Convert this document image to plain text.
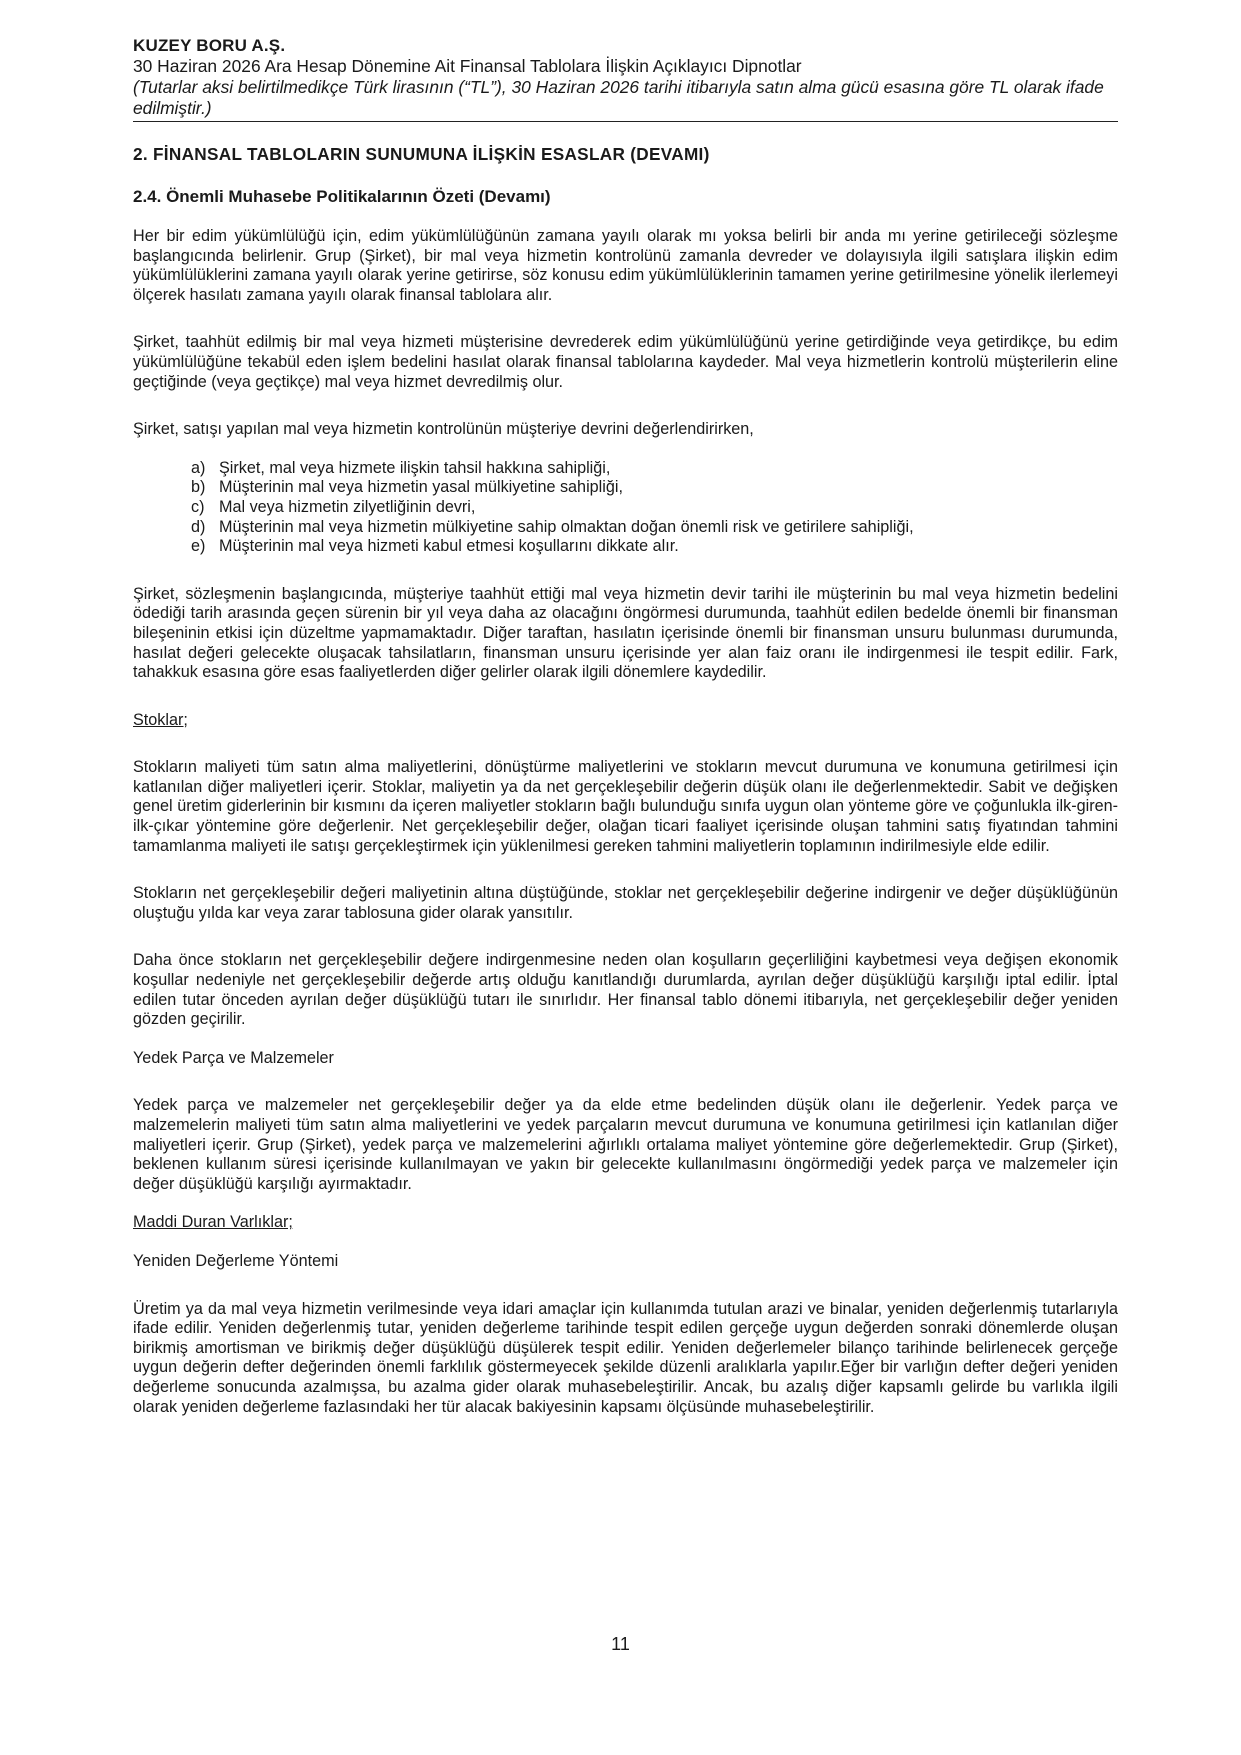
KUZEY BORU A.Ş.
30 Haziran 2026 Ara Hesap Dönemine Ait Finansal Tablolara İlişkin Açıklayıcı Dipnotlar
(Tutarlar aksi belirtilmedikçe Türk lirasının (“TL”), 30 Haziran 2026 tarihi itibarıyla satın alma gücü esasına göre TL olarak ifade edilmiştir.)
2. FİNANSAL TABLOLARIN SUNUMUNA İLİŞKİN ESASLAR (DEVAMI)
2.4. Önemli Muhasebe Politikalarının Özeti (Devamı)

Her bir edim yükümlülüğü için, edim yükümlülüğünün zamana yayılı olarak mı yoksa belirli bir anda mı yerine getirileceği sözleşme başlangıcında belirlenir. Grup (Şirket), bir mal veya hizmetin kontrolünü zamanla devreder ve dolayısıyla ilgili satışlara ilişkin edim yükümlülüklerini zamana yayılı olarak yerine getirirse, söz konusu edim yükümlülüklerinin tamamen yerine getirilmesine yönelik ilerlemeyi ölçerek hasılatı zamana yayılı olarak finansal tablolara alır.

Şirket, taahhüt edilmiş bir mal veya hizmeti müşterisine devrederek edim yükümlülüğünü yerine getirdiğinde veya getirdikçe, bu edim yükümlülüğüne tekabül eden işlem bedelini hasılat olarak finansal tablolarına kaydeder. Mal veya hizmetlerin kontrolü müşterilerin eline geçtiğinde (veya geçtikçe) mal veya hizmet devredilmiş olur.

Şirket, satışı yapılan mal veya hizmetin kontrolünün müşteriye devrini değerlendirirken,

a) Şirket, mal veya hizmete ilişkin tahsil hakkına sahipliği,
b) Müşterinin mal veya hizmetin yasal mülkiyetine sahipliği,
c) Mal veya hizmetin zilyetliğinin devri,
d) Müşterinin mal veya hizmetin mülkiyetine sahip olmaktan doğan önemli risk ve getirilere sahipliği,
e) Müşterinin mal veya hizmeti kabul etmesi koşullarını dikkate alır.

Şirket, sözleşmenin başlangıcında, müşteriye taahhüt ettiği mal veya hizmetin devir tarihi ile müşterinin bu mal veya hizmetin bedelini ödediği tarih arasında geçen sürenin bir yıl veya daha az olacağını öngörmesi durumunda, taahhüt edilen bedelde önemli bir finansman bileşeninin etkisi için düzeltme yapmamaktadır. Diğer taraftan, hasılatın içerisinde önemli bir finansman unsuru bulunması durumunda, hasılat değeri gelecekte oluşacak tahsilatların, finansman unsuru içerisinde yer alan faiz oranı ile indirgenmesi ile tespit edilir. Fark, tahakkuk esasına göre esas faaliyetlerden diğer gelirler olarak ilgili dönemlere kaydedilir.

Stoklar;

Stokların maliyeti tüm satın alma maliyetlerini, dönüştürme maliyetlerini ve stokların mevcut durumuna ve konumuna getirilmesi için katlanılan diğer maliyetleri içerir. Stoklar, maliyetin ya da net gerçekleşebilir değerin düşük olanı ile değerlenmektedir. Sabit ve değişken genel üretim giderlerinin bir kısmını da içeren maliyetler stokların bağlı bulunduğu sınıfa uygun olan yönteme göre ve çoğunlukla ilk-giren-ilk-çıkar yöntemine göre değerlenir. Net gerçekleşebilir değer, olağan ticari faaliyet içerisinde oluşan tahmini satış fiyatından tahmini tamamlanma maliyeti ile satışı gerçekleştirmek için yüklenilmesi gereken tahmini maliyetlerin toplamının indirilmesiyle elde edilir.

Stokların net gerçekleşebilir değeri maliyetinin altına düştüğünde, stoklar net gerçekleşebilir değerine indirgenir ve değer düşüklüğünün oluştuğu yılda kar veya zarar tablosuna gider olarak yansıtılır.

Daha önce stokların net gerçekleşebilir değere indirgenmesine neden olan koşulların geçerliliğini kaybetmesi veya değişen ekonomik koşullar nedeniyle net gerçekleşebilir değerde artış olduğu kanıtlandığı durumlarda, ayrılan değer düşüklüğü karşılığı iptal edilir. İptal edilen tutar önceden ayrılan değer düşüklüğü tutarı ile sınırlıdır. Her finansal tablo dönemi itibarıyla, net gerçekleşebilir değer yeniden gözden geçirilir.

Yedek Parça ve Malzemeler

Yedek parça ve malzemeler net gerçekleşebilir değer ya da elde etme bedelinden düşük olanı ile değerlenir. Yedek parça ve malzemelerin maliyeti tüm satın alma maliyetlerini ve yedek parçaların mevcut durumuna ve konumuna getirilmesi için katlanılan diğer maliyetleri içerir. Grup (Şirket), yedek parça ve malzemelerini ağırlıklı ortalama maliyet yöntemine göre değerlemektedir. Grup (Şirket), beklenen kullanım süresi içerisinde kullanılmayan ve yakın bir gelecekte kullanılmasını öngörmediği yedek parça ve malzemeler için değer düşüklüğü karşılığı ayırmaktadır.

Maddi Duran Varlıklar;

Yeniden Değerleme Yöntemi

Üretim ya da mal veya hizmetin verilmesinde veya idari amaçlar için kullanımda tutulan arazi ve binalar, yeniden değerlenmiş tutarlarıyla ifade edilir. Yeniden değerlenmiş tutar, yeniden değerleme tarihinde tespit edilen gerçeğe uygun değerden sonraki dönemlerde oluşan birikmiş amortisman ve birikmiş değer düşüklüğü düşülerek tespit edilir. Yeniden değerlemeler bilanço tarihinde belirlenecek gerçeğe uygun değerin defter değerinden önemli farklılık göstermeyecek şekilde düzenli aralıklarla yapılır.Eğer bir varlığın defter değeri yeniden değerleme sonucunda azalmışsa, bu azalma gider olarak muhasebeleştirilir. Ancak, bu azalış diğer kapsamlı gelirde bu varlıkla ilgili olarak yeniden değerleme fazlasındaki her tür alacak bakiyesinin kapsamı ölçüsünde muhasebeleştirilir.

11
